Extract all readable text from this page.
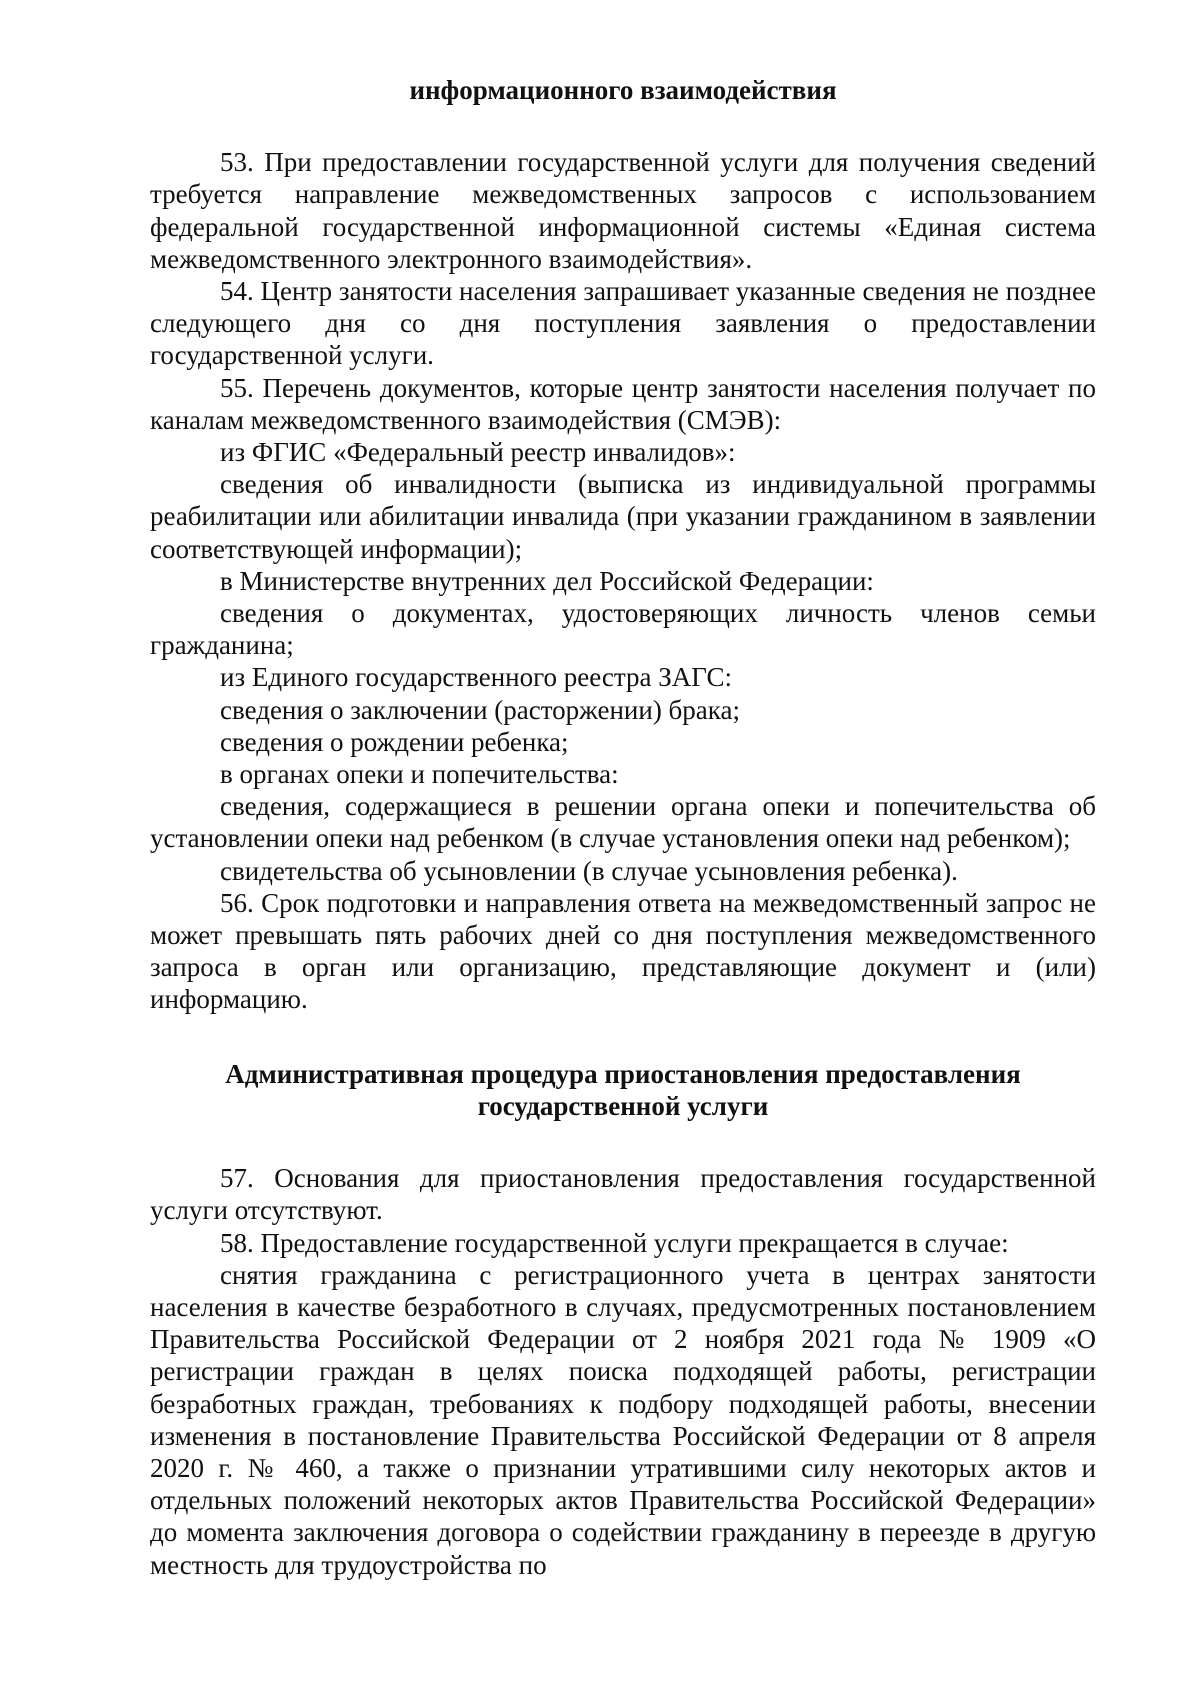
информационного взаимодействия

53. При предоставлении государственной услуги для получения сведений требуется направление межведомственных запросов с использованием федеральной государственной информационной системы «Единая система межведомственного электронного взаимодействия».

54. Центр занятости населения запрашивает указанные сведения не позднее следующего дня со дня поступления заявления о предоставлении государственной услуги.

55. Перечень документов, которые центр занятости населения получает по каналам межведомственного взаимодействия (СМЭВ):

из ФГИС «Федеральный реестр инвалидов»:

сведения об инвалидности (выписка из индивидуальной программы реабилитации или абилитации инвалида (при указании гражданином в заявлении соответствующей информации);

в Министерстве внутренних дел Российской Федерации:

сведения о документах, удостоверяющих личность членов семьи гражданина;

из Единого государственного реестра ЗАГС:

сведения о заключении (расторжении) брака;

сведения о рождении ребенка;

в органах опеки и попечительства:

сведения, содержащиеся в решении органа опеки и попечительства об установлении опеки над ребенком (в случае установления опеки над ребенком);

свидетельства об усыновлении (в случае усыновления ребенка).

56. Срок подготовки и направления ответа на межведомственный запрос не может превышать пять рабочих дней со дня поступления межведомственного запроса в орган или организацию, представляющие документ и (или) информацию.

Административная процедура приостановления предоставления
государственной услуги

57. Основания для приостановления предоставления государственной услуги отсутствуют.

58. Предоставление государственной услуги прекращается в случае:

снятия гражданина с регистрационного учета в центрах занятости населения в качестве безработного в случаях, предусмотренных постановлением Правительства Российской Федерации от 2 ноября 2021 года № 1909 «О регистрации граждан в целях поиска подходящей работы, регистрации безработных граждан, требованиях к подбору подходящей работы, внесении изменения в постановление Правительства Российской Федерации от 8 апреля 2020 г. № 460, а также о признании утратившими силу некоторых актов и отдельных положений некоторых актов Правительства Российской Федерации» до момента заключения договора о содействии гражданину в переезде в другую местность для трудоустройства по
